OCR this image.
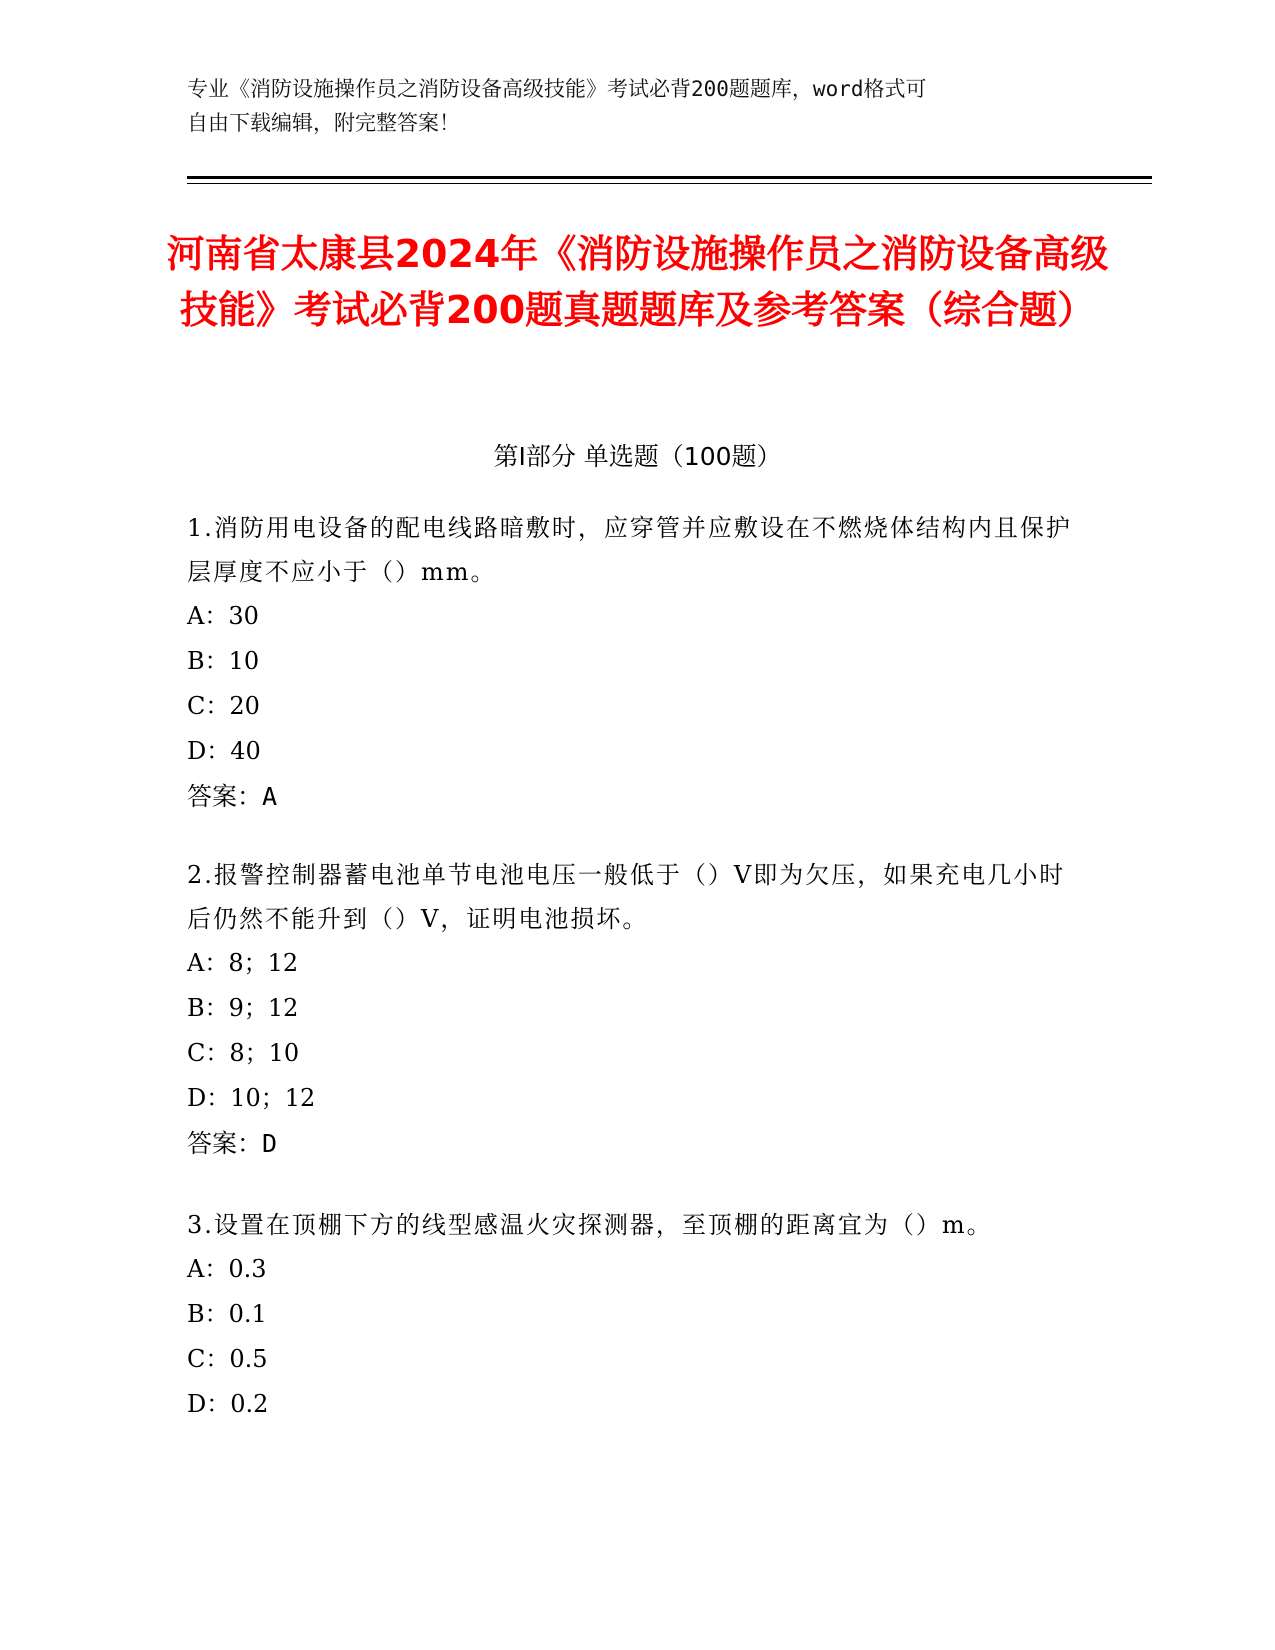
专业《消防设施操作员之消防设备高级技能》考试必背200题题库，word格式可
自由下载编辑，附完整答案！
河南省太康县2024年《消防设施操作员之消防设备高级技能》考试必背200题真题题库及参考答案（综合题）
第I部分 单选题（100题）
1.消防用电设备的配电线路暗敷时，应穿管并应敷设在不燃烧体结构内且保护层厚度不应小于（）mm。
A：30
B：10
C：20
D：40
答案：A
2.报警控制器蓄电池单节电池电压一般低于（）V即为欠压，如果充电几小时后仍然不能升到（）V，证明电池损坏。
A：8；12
B：9；12
C：8；10
D：10；12
答案：D
3.设置在顶棚下方的线型感温火灾探测器，至顶棚的距离宜为（）m。
A：0.3
B：0.1
C：0.5
D：0.2
